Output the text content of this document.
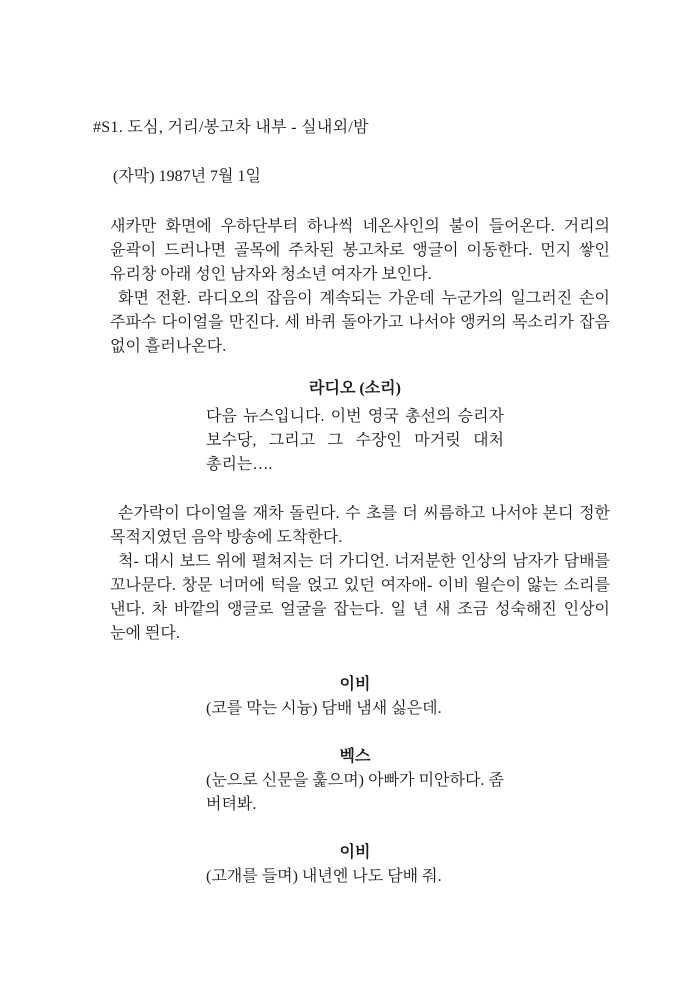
#S1. 도심, 거리/봉고차 내부 - 실내외/밤
(자막) 1987년 7월 1일

새카만 화면에 우하단부터 하나씩 네온사인의 불이 들어온다. 거리의 윤곽이 드러나면 골목에 주차된 봉고차로 앵글이 이동한다. 먼지 쌓인 유리창 아래 성인 남자와 청소년 여자가 보인다.

화면 전환. 라디오의 잡음이 계속되는 가운데 누군가의 일그러진 손이 주파수 다이얼을 만진다. 세 바퀴 돌아가고 나서야 앵커의 목소리가 잡음 없이 흘러나온다.

라디오 (소리)
다음 뉴스입니다. 이번 영국 총선의 승리자 보수당, 그리고 그 수장인 마거릿 대처 총리는….

손가락이 다이얼을 재차 돌린다. 수 초를 더 씨름하고 나서야 본디 정한 목적지였던 음악 방송에 도착한다.

척- 대시 보드 위에 펼쳐지는 더 가디언. 너저분한 인상의 남자가 담배를 꼬나문다. 창문 너머에 턱을 얹고 있던 여자애- 이비 윌슨이 앓는 소리를 낸다. 차 바깥의 앵글로 얼굴을 잡는다. 일 년 새 조금 성숙해진 인상이 눈에 띈다.

이비
(코를 막는 시늉) 담배 냄새 싫은데.
벡스
(눈으로 신문을 훑으며) 아빠가 미안하다. 좀 버텨봐.
이비
(고개를 들며) 내년엔 나도 담배 줘.
